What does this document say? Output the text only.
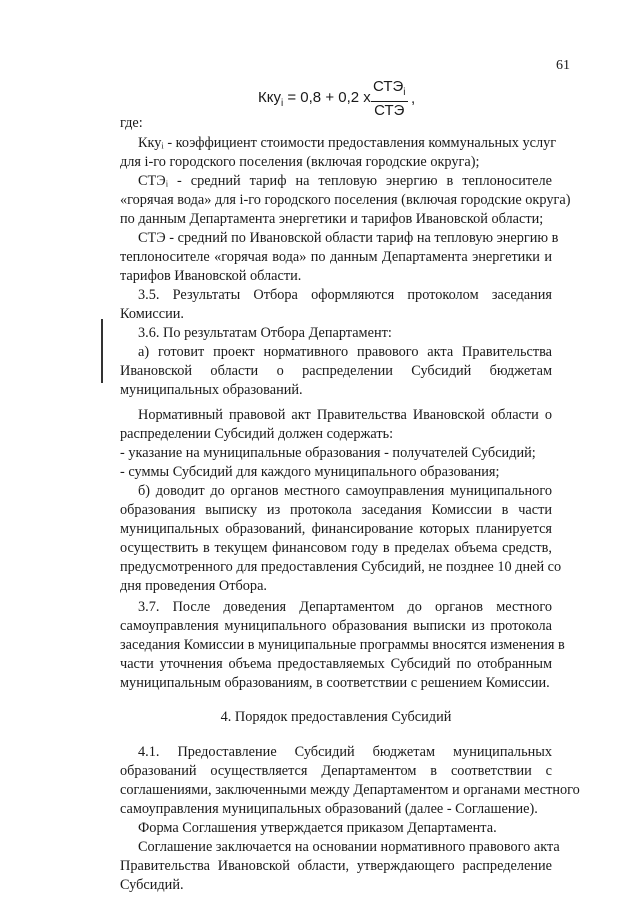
61
Кку$_i$ = 0,8 + 0,2 x
$СТЭ_i$
СТЭ
,
где:
Ккуᵢ - коэффициент стоимости предоставления коммунальных услуг
для i-го городского поселения (включая городские округа);
СТЭᵢ - средний тариф на тепловую энергию в теплоносителе
«горячая вода» для i-го городского поселения (включая городские округа)
по данным Департамента энергетики и тарифов Ивановской области;
СТЭ - средний по Ивановской области тариф на тепловую энергию в
теплоносителе «горячая вода» по данным Департамента энергетики и
тарифов Ивановской области.
3.5. Результаты Отбора оформляются протоколом заседания
Комиссии.
3.6. По результатам Отбора Департамент:
а) готовит проект нормативного правового акта Правительства
Ивановской области о распределении Субсидий бюджетам
муниципальных образований.
Нормативный правовой акт Правительства Ивановской области о
распределении Субсидий должен содержать:
- указание на муниципальные образования - получателей Субсидий;
- суммы Субсидий для каждого муниципального образования;
б) доводит до органов местного самоуправления муниципального
образования выписку из протокола заседания Комиссии в части
муниципальных образований, финансирование которых планируется
осуществить в текущем финансовом году в пределах объема средств,
предусмотренного для предоставления Субсидий, не позднее 10 дней со
дня проведения Отбора.
3.7. После доведения Департаментом до органов местного
самоуправления муниципального образования выписки из протокола
заседания Комиссии в муниципальные программы вносятся изменения в
части уточнения объема предоставляемых Субсидий по отобранным
муниципальным образованиям, в соответствии с решением Комиссии.
4. Порядок предоставления Субсидий
4.1. Предоставление Субсидий бюджетам муниципальных
образований осуществляется Департаментом в соответствии с
соглашениями, заключенными между Департаментом и органами местного
самоуправления муниципальных образований (далее - Соглашение).
Форма Соглашения утверждается приказом Департамента.
Соглашение заключается на основании нормативного правового акта
Правительства Ивановской области, утверждающего распределение
Субсидий.
